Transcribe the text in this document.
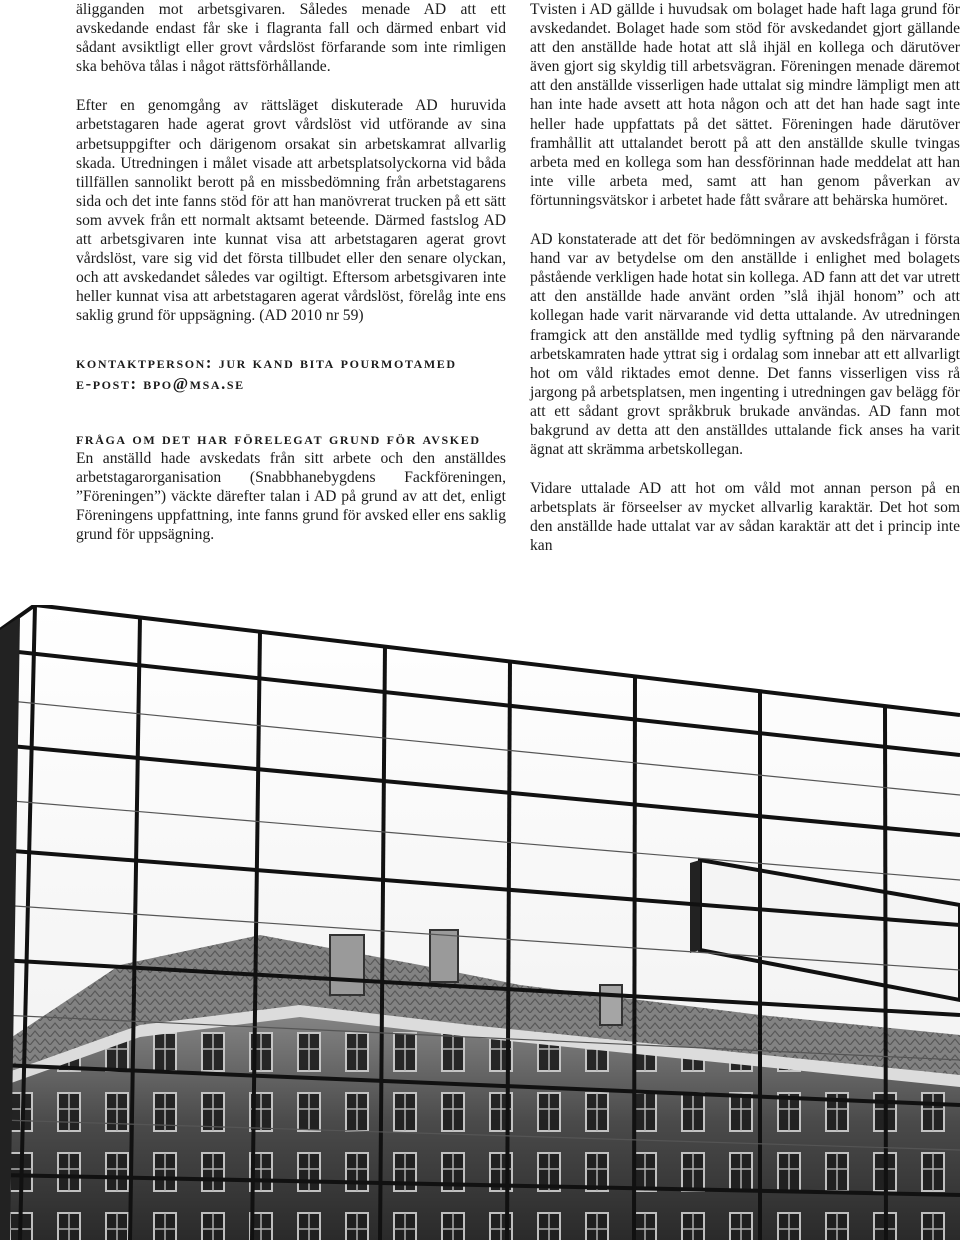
äligganden mot arbetsgivaren. Således menade AD att ett avskedande endast får ske i flagranta fall och därmed enbart vid sådant avsiktligt eller grovt vårdslöst förfarande som inte rimligen ska behöva tålas i något rättsförhållande.

Efter en genomgång av rättsläget diskuterade AD huruvida arbetstagaren hade agerat grovt vårdslöst vid utförande av sina arbetsuppgifter och därigenom orsakat sin arbetskamrat allvarlig skada. Utredningen i målet visade att arbetsplatsolyckorna vid båda tillfällen sannolikt berott på en missbedömning från arbetstagarens sida och det inte fanns stöd för att han manövrerat trucken på ett sätt som avvek från ett normalt aktsamt beteende. Därmed fastslog AD att arbetsgivaren inte kunnat visa att arbetstagaren agerat grovt vårdslöst, vare sig vid det första tillbudet eller den senare olyckan, och att avskedandet således var ogiltigt. Eftersom arbetsgivaren inte heller kunnat visa att arbetstagaren agerat vårdslöst, förelåg inte ens saklig grund för uppsägning. (AD 2010 nr 59)

kontaktperson: jur kand bita pourmotamed

e-post: bpo@msa.se

fråga om det har förelegat grund för avsked

En anställd hade avskedats från sitt arbete och den anställdes arbetstagarorganisation (Snabbhanebygdens Fackföreningen, ”Föreningen”) väckte därefter talan i AD på grund av att det, enligt Föreningens uppfattning, inte fanns grund för avsked eller ens saklig grund för uppsägning.

Tvisten i AD gällde i huvudsak om bolaget hade haft laga grund för avskedandet. Bolaget hade som stöd för avskedandet gjort gällande att den anställde hade hotat att slå ihjäl en kollega och därutöver även gjort sig skyldig till arbetsvägran. Föreningen menade däremot att den anställde visserligen hade uttalat sig mindre lämpligt men att han inte hade avsett att hota någon och att det han hade sagt inte heller hade uppfattats på det sättet. Föreningen hade därutöver framhållit att uttalandet berott på att den anställde skulle tvingas arbeta med en kollega som han dessförinnan hade meddelat att han inte ville arbeta med, samt att han genom påverkan av förtunningsvätskor i arbetet hade fått svårare att behärska humöret.

AD konstaterade att det för bedömningen av avskedsfrågan i första hand var av betydelse om den anställde i enlighet med bolagets påstående verkligen hade hotat sin kollega. AD fann att det var utrett att den anställde hade använt orden ”slå ihjäl honom” och att kollegan hade varit närvarande vid detta uttalande. Av utredningen framgick att den anställde med tydlig syftning på den närvarande arbetskamraten hade yttrat sig i ordalag som innebar att ett allvarligt hot om våld riktades emot denne. Det fanns visserligen viss rå jargong på arbetsplatsen, men ingenting i utredningen gav belägg för att ett sådant grovt språkbruk brukade användas. AD fann mot bakgrund av detta att den anställdes uttalande fick anses ha varit ägnat att skrämma arbetskollegan.

Vidare uttalade AD att hot om våld mot annan person på en arbetsplats är förseelser av mycket allvarlig karaktär. Det hot som den anställde hade uttalat var av sådan karaktär att det i princip inte kan
